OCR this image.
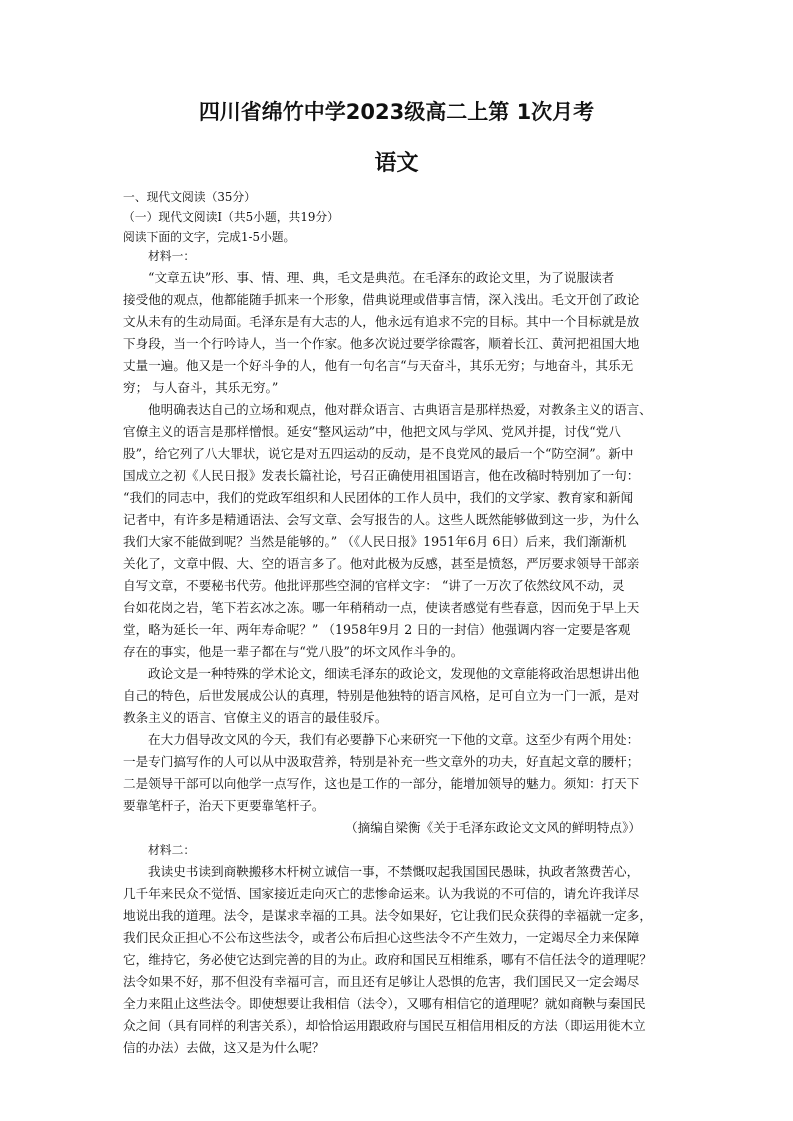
四川省绵竹中学2023级高二上第 1次月考
语文
一、现代文阅读（35分）
（一）现代文阅读Ⅰ（共5小题，共19分）
阅读下面的文字，完成1-5小题。
材料一：
“文章五诀”形、事、情、理、典，毛文是典范。在毛泽东的政论文里，为了说服读者
接受他的观点，他都能随手抓来一个形象，借典说理或借事言情，深入浅出。毛文开创了政论
文从未有的生动局面。毛泽东是有大志的人，他永远有追求不完的目标。其中一个目标就是放
下身段，当一个行吟诗人，当一个作家。他多次说过要学徐霞客，顺着长江、黄河把祖国大地
丈量一遍。他又是一个好斗争的人，他有一句名言“与天奋斗，其乐无穷；与地奋斗，其乐无
穷； 与人奋斗，其乐无穷。”
他明确表达自己的立场和观点，他对群众语言、古典语言是那样热爱，对教条主义的语言、
官僚主义的语言是那样憎恨。延安“整风运动”中，他把文风与学风、党风并提，讨伐“党八
股”，给它列了八大罪状，说它是对五四运动的反动，是不良党风的最后一个“防空洞”。新中
国成立之初《人民日报》发表长篇社论，号召正确使用祖国语言，他在改稿时特别加了一句：
“我们的同志中，我们的党政军组织和人民团体的工作人员中，我们的文学家、教育家和新闻
记者中，有许多是精通语法、会写文章、会写报告的人。这些人既然能够做到这一步，为什么
我们大家不能做到呢？当然是能够的。” （《人民日报》1951年6月 6日）后来，我们渐渐机
关化了，文章中假、大、空的语言多了。他对此极为反感，甚至是愤怒，严厉要求领导干部亲
自写文章，不要秘书代劳。他批评那些空洞的官样文字： “讲了一万次了依然纹风不动，灵
台如花岗之岩，笔下若玄冰之冻。哪一年稍稍动一点，使读者感觉有些春意，因而免于早上天
堂，略为延长一年、两年寿命呢？” （1958年9月 2 日的一封信）他强调内容一定要是客观
存在的事实，他是一辈子都在与“党八股”的坏文风作斗争的。
政论文是一种特殊的学术论文，细读毛泽东的政论文，发现他的文章能将政治思想讲出他
自己的特色，后世发展成公认的真理，特别是他独特的语言风格，足可自立为一门一派，是对
教条主义的语言、官僚主义的语言的最佳驳斥。
在大力倡导改文风的今天，我们有必要静下心来研究一下他的文章。这至少有两个用处：
一是专门搞写作的人可以从中汲取营养，特别是补充一些文章外的功夫，好直起文章的腰杆；
二是领导干部可以向他学一点写作，这也是工作的一部分，能增加领导的魅力。须知：打天下
要靠笔杆子，治天下更要靠笔杆子。
（摘编自梁衡《关于毛泽东政论文文风的鲜明特点》）
材料二：
我读史书读到商鞅搬移木杆树立诚信一事，不禁慨叹起我国国民愚昧，执政者煞费苦心，
几千年来民众不觉悟、国家接近走向灭亡的悲惨命运来。认为我说的不可信的，请允许我详尽
地说出我的道理。法令，是谋求幸福的工具。法令如果好，它让我们民众获得的幸福就一定多，
我们民众正担心不公布这些法令，或者公布后担心这些法令不产生效力，一定竭尽全力来保障
它，维持它，务必使它达到完善的目的为止。政府和国民互相维系，哪有不信任法令的道理呢？
法令如果不好，那不但没有幸福可言，而且还有足够让人恐惧的危害，我们国民又一定会竭尽
全力来阻止这些法令。即使想要让我相信（法令），又哪有相信它的道理呢？就如商鞅与秦国民
众之间（具有同样的利害关系），却恰恰运用跟政府与国民互相信用相反的方法（即运用徙木立
信的办法）去做，这又是为什么呢？
